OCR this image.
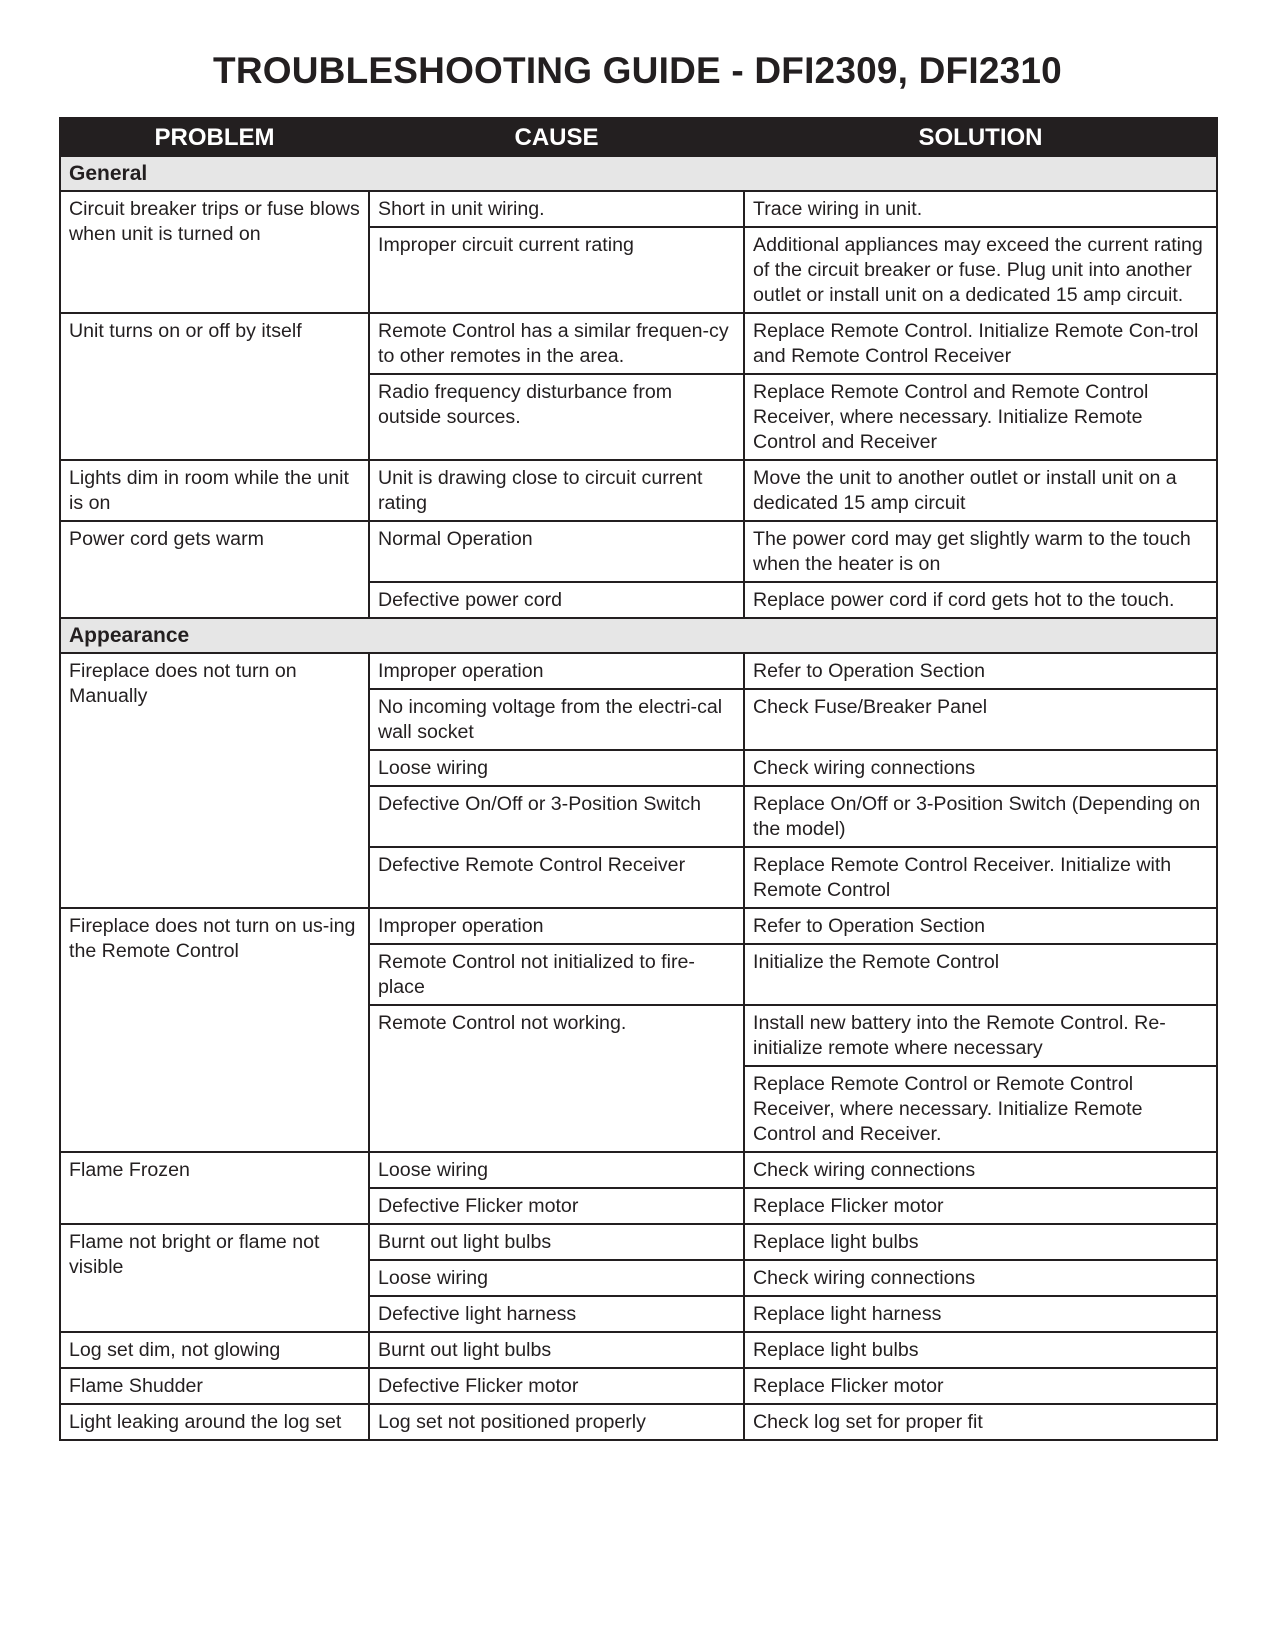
TROUBLESHOOTING GUIDE - DFI2309, DFI2310
PROBLEM	CAUSE	SOLUTION
General		
Circuit breaker trips or fuse blows when unit is turned on	Short in unit wiring.	Trace wiring in unit.
	Improper circuit current rating	Additional appliances may exceed the current rating of the circuit breaker or fuse. Plug unit into another outlet or install unit on a dedicated 15 amp circuit.
Unit turns on or off by itself	Remote Control has a similar frequen-cy to other remotes in the area.	Replace Remote Control. Initialize Remote Con-trol and Remote Control Receiver
	Radio frequency disturbance from outside sources.	Replace Remote Control and Remote Control Receiver, where necessary. Initialize Remote Control and Receiver
Lights dim in room while the unit is on	Unit is drawing close to circuit current rating	Move the unit to another outlet or install unit on a dedicated 15 amp circuit
Power cord gets warm	Normal Operation	The power cord may get slightly warm to the touch when the heater is on
	Defective power cord	Replace power cord if cord gets hot to the touch.
Appearance		
Fireplace does not turn on Manually	Improper operation	Refer to Operation Section
	No incoming voltage from the electri-cal wall socket	Check Fuse/Breaker Panel
	Loose wiring	Check wiring connections
	Defective On/Off or 3-Position Switch	Replace On/Off or 3-Position Switch (Depending on the model)
	Defective Remote Control Receiver	Replace Remote Control Receiver. Initialize with Remote Control
Fireplace does not turn on us-ing the Remote Control	Improper operation	Refer to Operation Section
	Remote Control not initialized to fire-place	Initialize the Remote Control
	Remote Control not working.	Install new battery into the Remote Control. Re-initialize remote where necessary
		Replace Remote Control or Remote Control Receiver, where necessary. Initialize Remote Control and Receiver.
Flame Frozen	Loose wiring	Check wiring connections
	Defective Flicker motor	Replace Flicker motor
Flame not bright or flame not visible	Burnt out light bulbs	Replace light bulbs
	Loose wiring	Check wiring connections
	Defective light harness	Replace light harness
Log set dim, not glowing	Burnt out light bulbs	Replace light bulbs
Flame Shudder	Defective Flicker motor	Replace Flicker motor
Light leaking around the log set	Log set not positioned properly	Check log set for proper fit
